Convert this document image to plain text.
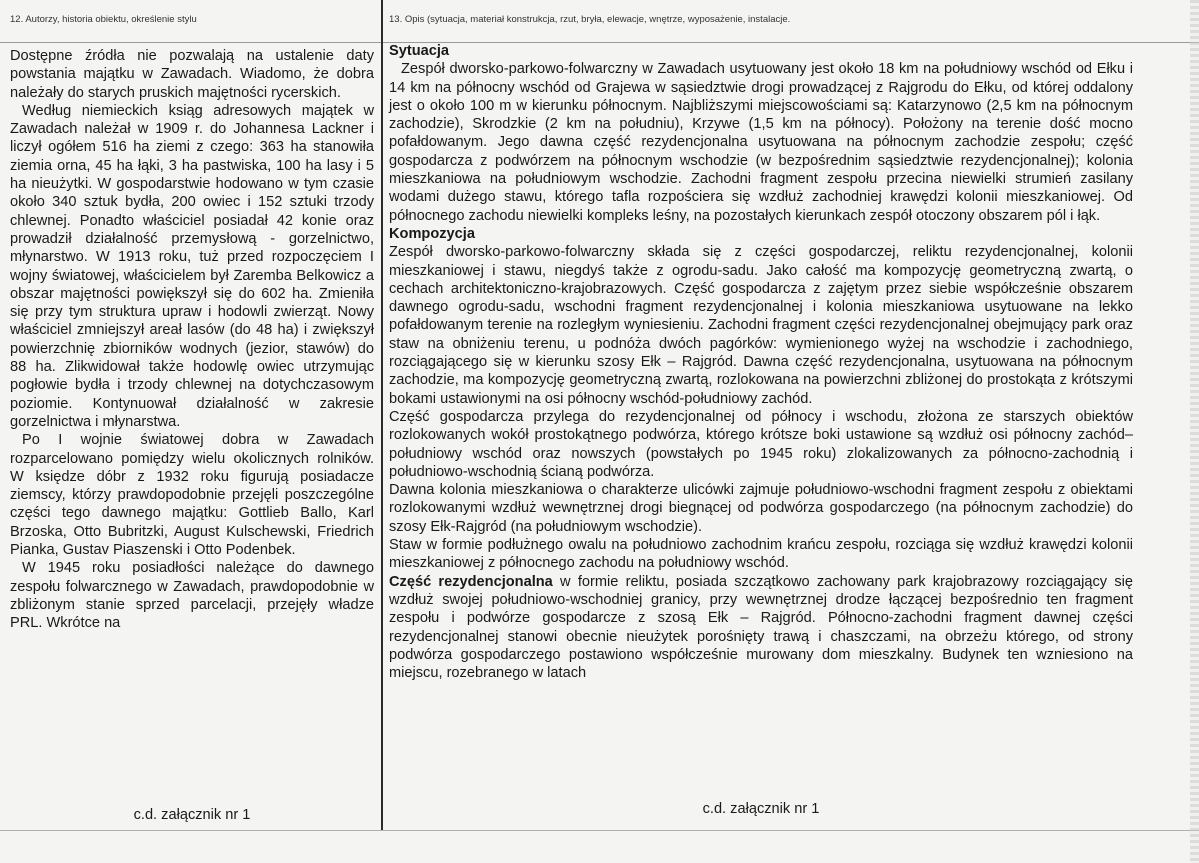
12. Autorzy, historia obiektu, określenie stylu	13. Opis (sytuacja, materiał konstrukcja, rzut, bryła, elewacje, wnętrze, wyposażenie, instalacje.

Dostępne źródła nie pozwalają na ustalenie daty powstania majątku w Zawadach. Wiadomo, że dobra należały do starych pruskich majętności rycerskich.

Według niemieckich ksiąg adresowych majątek w Zawadach należał w 1909 r. do Johannesa Lackner i liczył ogółem 516 ha ziemi z czego: 363 ha stanowiła ziemia orna, 45 ha łąki, 3 ha pastwiska, 100 ha lasy i 5 ha nieużytki. W gospodarstwie hodowano w tym czasie około 340 sztuk bydła, 200 owiec i 152 sztuki trzody chlewnej. Ponadto właściciel posiadał 42 konie oraz prowadził działalność przemysłową - gorzelnictwo, młynarstwo. W 1913 roku, tuż przed rozpoczęciem I wojny światowej, właścicielem był Zaremba Belkowicz a obszar majętności powiększył się do 602 ha. Zmieniła się przy tym struktura upraw i hodowli zwierząt. Nowy właściciel zmniejszył areał lasów (do 48 ha) i zwiększył powierzchnię zbiorników wodnych (jezior, stawów) do 88 ha. Zlikwidował także hodowlę owiec utrzymując pogłowie bydła i trzody chlewnej na dotychczasowym poziomie. Kontynuował działalność w zakresie gorzelnictwa i młynarstwa.

Po I wojnie światowej dobra w Zawadach rozparcelowano pomiędzy wielu okolicznych rolników. W księdze dóbr z 1932 roku figurują posiadacze ziemscy, którzy prawdopodobnie przejęli poszczególne części tego dawnego majątku: Gottlieb Ballo, Karl Brzoska, Otto Bubritzki, August Kulschewski, Friedrich Pianka, Gustav Piaszenski i Otto Podenbek.

W 1945 roku posiadłości należące do dawnego zespołu folwarcznego w Zawadach, prawdopodobnie w zbliżonym stanie sprzed parcelacji, przejęły władze PRL. Wkrótce na

c.d. załącznik nr 1

Sytuacja

Zespół dworsko-parkowo-folwarczny w Zawadach usytuowany jest około 18 km na południowy wschód od Ełku i 14 km na północny wschód od Grajewa w sąsiedztwie drogi prowadzącej z Rajgrodu do Ełku, od której oddalony jest o około 100 m w kierunku północnym. Najbliższymi miejscowościami są: Katarzynowo (2,5 km na północnym zachodzie), Skrodzkie (2 km na południu), Krzywe (1,5 km na północy). Położony na terenie dość mocno pofałdowanym. Jego dawna część rezydencjonalna usytuowana na północnym zachodzie zespołu; część gospodarcza z podwórzem na północnym wschodzie (w bezpośrednim sąsiedztwie rezydencjonalnej); kolonia mieszkaniowa na południowym wschodzie. Zachodni fragment zespołu przecina niewielki strumień zasilany wodami dużego stawu, którego tafla rozpościera się wzdłuż zachodniej krawędzi kolonii mieszkaniowej. Od północnego zachodu niewielki kompleks leśny, na pozostałych kierunkach zespół otoczony obszarem pól i łąk.

Kompozycja

Zespół dworsko-parkowo-folwarczny składa się z części gospodarczej, reliktu rezydencjonalnej, kolonii mieszkaniowej i stawu, niegdyś także z ogrodu-sadu. Jako całość ma kompozycję geometryczną zwartą, o cechach architektoniczno-krajobrazowych. Część gospodarcza z zajętym przez siebie współcześnie obszarem dawnego ogrodu-sadu, wschodni fragment rezydencjonalnej i kolonia mieszkaniowa usytuowane na lekko pofałdowanym terenie na rozległym wyniesieniu. Zachodni fragment części rezydencjonalnej obejmujący park oraz staw na obniżeniu terenu, u podnóża dwóch pagórków: wymienionego wyżej na wschodzie i zachodniego, rozciągającego się w kierunku szosy Ełk – Rajgród. Dawna część rezydencjonalna, usytuowana na północnym zachodzie, ma kompozycję geometryczną zwartą, rozlokowana na powierzchni zbliżonej do prostokąta z krótszymi bokami ustawionymi na osi północny wschód-południowy zachód.

Część gospodarcza przylega do rezydencjonalnej od północy i wschodu, złożona ze starszych obiektów rozlokowanych wokół prostokątnego podwórza, którego krótsze boki ustawione są wzdłuż osi północny zachód–południowy wschód oraz nowszych (powstałych po 1945 roku) zlokalizowanych za północno-zachodnią i południowo-wschodnią ścianą podwórza.

Dawna kolonia mieszkaniowa o charakterze ulicówki zajmuje południowo-wschodni fragment zespołu z obiektami rozlokowanymi wzdłuż wewnętrznej drogi biegnącej od podwórza gospodarczego (na północnym zachodzie) do szosy Ełk-Rajgród (na południowym wschodzie).

Staw w formie podłużnego owalu na południowo zachodnim krańcu zespołu, rozciąga się wzdłuż krawędzi kolonii mieszkaniowej z północnego zachodu na południowy wschód.

Część rezydencjonalna w formie reliktu, posiada szczątkowo zachowany park krajobrazowy rozciągający się wzdłuż swojej południowo-wschodniej granicy, przy wewnętrznej drodze łączącej bezpośrednio ten fragment zespołu i podwórze gospodarcze z szosą Ełk – Rajgród. Północno-zachodni fragment dawnej części rezydencjonalnej stanowi obecnie nieużytek porośnięty trawą i chaszczami, na obrzeżu którego, od strony podwórza gospodarczego postawiono współcześnie murowany dom mieszkalny. Budynek ten wzniesiono na miejscu, rozebranego w latach

c.d. załącznik nr 1
